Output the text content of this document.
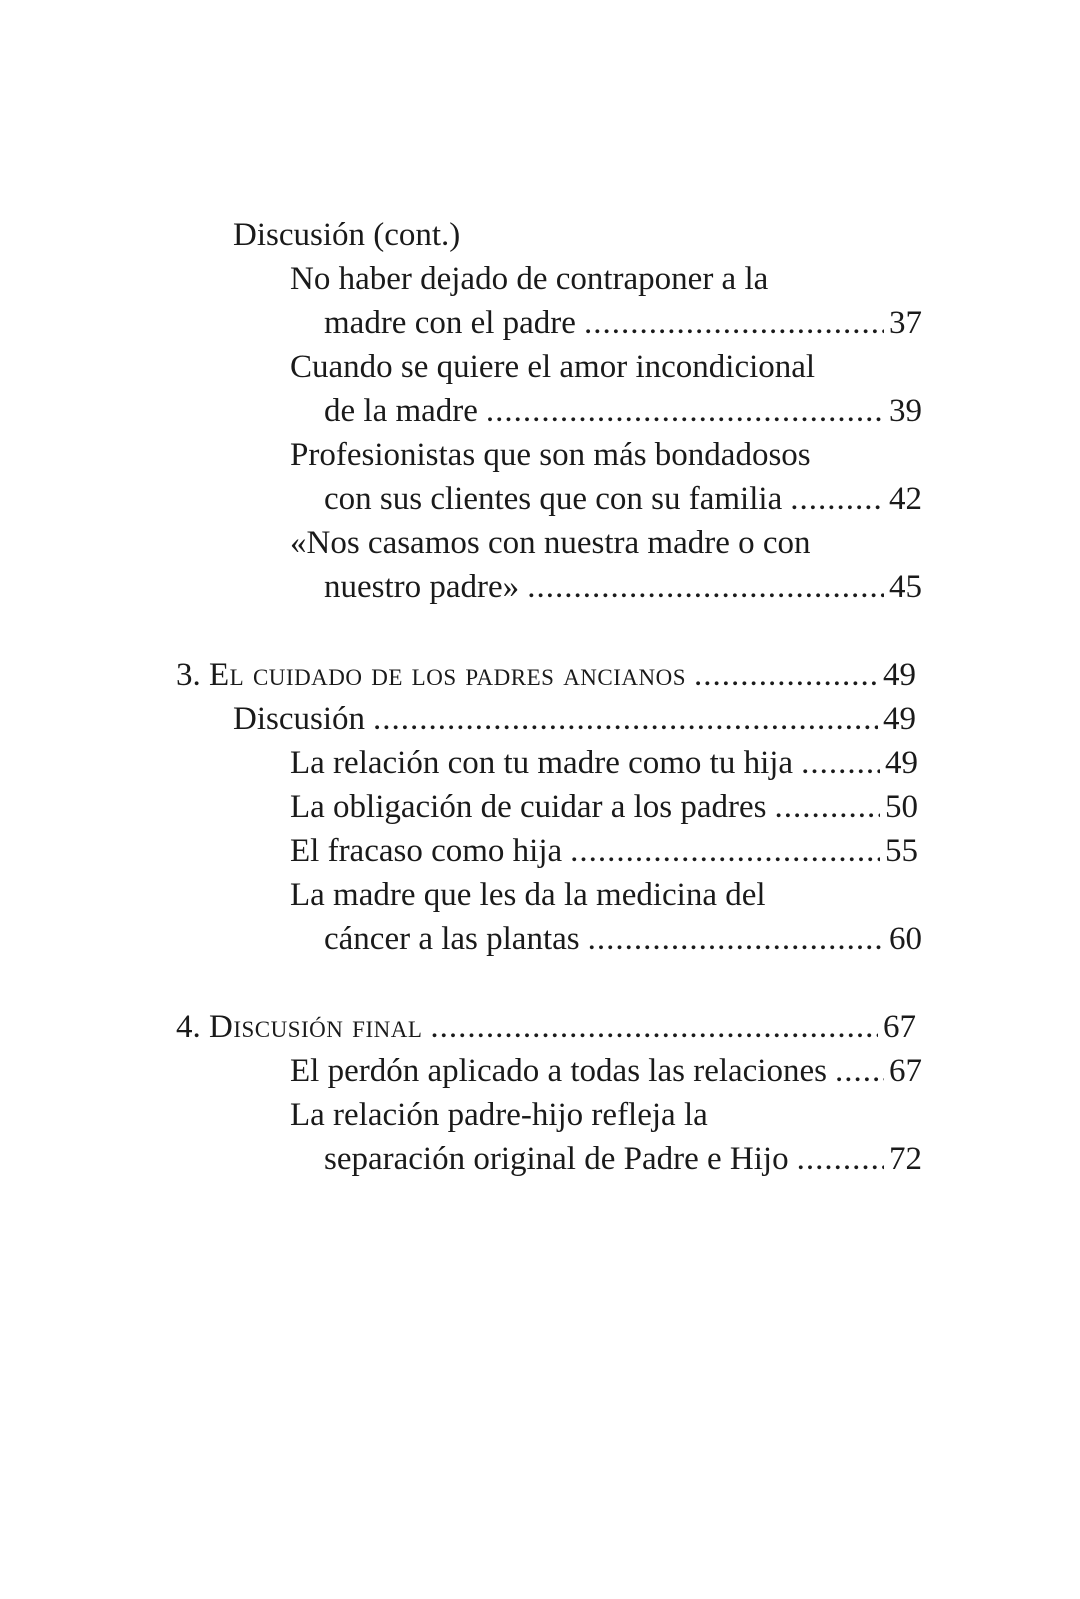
Discusión (cont.)
No haber dejado de contraponer a la
madre con el padre .....	37
Cuando se quiere el amor incondicional
de la madre .....	39
Profesionistas que son más bondadosos
con sus clientes que con su familia .....	42
«Nos casamos con nuestra madre o con
nuestro padre» .....	45
3. El cuidado de los padres ancianos .....	49
Discusión .....	49
La relación con tu madre como tu hija .....	49
La obligación de cuidar a los padres .....	50
El fracaso como hija .....	55
La madre que les da la medicina del
cáncer a las plantas .....	60
4. Discusión final .....	67
El perdón aplicado a todas las relaciones ..... 67
La relación padre-hijo refleja la
separación original de Padre e Hijo .....	72
